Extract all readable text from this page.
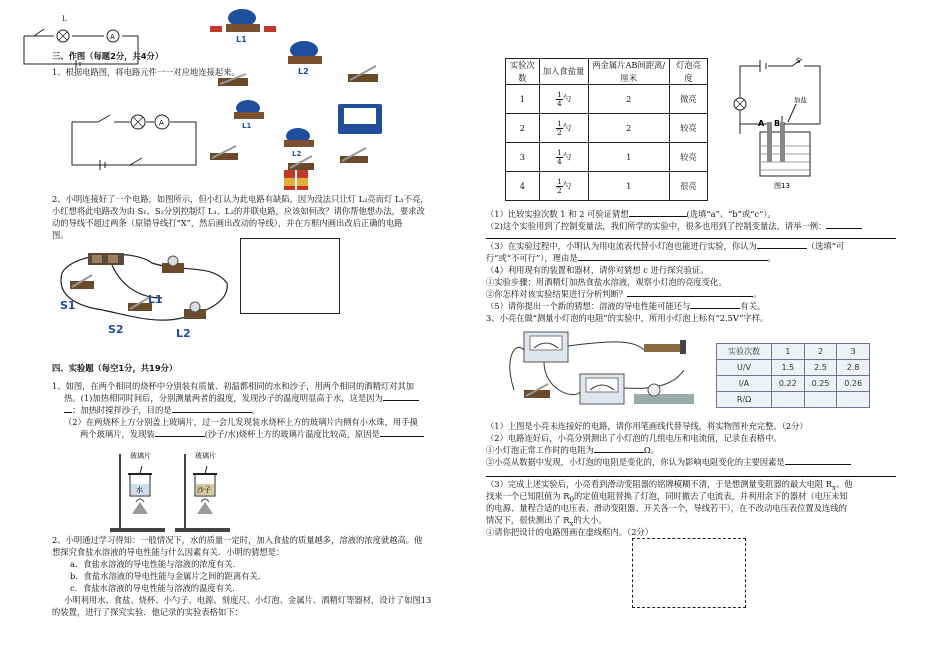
A
L
三、作图（每题2分，共4分）
1、根据电路图，将电路元件一一对应地连接起来。
A
L1
L2
L1
L2
2、小明连接好了一个电路，如图所示，但小红认为此电路有缺陷，因为没法只让灯 L₂亮而灯 L₁不亮，
小红想将此电路改为由 S₁、S₂分别控制灯 L₁、L₂的并联电路，应该如何改？请你帮他想办法，要求改
动的导线不超过两条（原错导线打“X”，然后画出改动的导线），并在方框内画出改后正确的电路
图。
S1	L1
S2	L2
四、实验题（每空1分，共19分）
1、如图，在两个相同的烧杯中分别装有质量、初温都相同的水和沙子，用两个相同的酒精灯对其加
热。(1)加热相同时间后，分别测量两者的温度，发现沙子的温度明显高于水，这是因为
；加热时搅拌沙子，目的是	。
（2）在两烧杯上方分别盖上玻璃片，过一会儿发现装水烧杯上方的玻璃片内侧有小水珠，用手摸
两个玻璃片，发现装	(沙子/水)烧杯上方的玻璃片温度比较高，原因是
玻璃片	玻璃片
水	沙子
2、小明通过学习得知：一般情况下，水的质量一定时，加入食盐的质量越多，溶液的浓度就越高。他
想探究食盐水溶液的导电性能与什么因素有关．小明的猜想是：
a．食盐水溶液的导电性能与溶液的浓度有关．
b．食盐水溶液的导电性能与金属片之间的距离有关．
c．食盐水溶液的导电性能与溶液的温度有关．
小明利用水、食盐、烧杯、小勺子、电源、刻度尺、小灯泡、金属片、酒精灯等器材，设计了如图13
的装置，进行了探究实验．他记录的实验表格如下：
实验次数	加入食盐量	两金属片AB间距离/厘米	灯泡亮度
1	$\frac{1}{4}$ 勺	2	微亮
2	$\frac{1}{2}$ 勺	2	较亮
3	$\frac{1}{4}$ 勺	1	较亮
4	$\frac{1}{2}$ 勺	1	很亮
A B
S
加盐
图13
（1）比较实验次数 1 和 2 可验证猜想	(选填“a”、“b”或“c”）。
（2)这个实验用到了控制变量法，我们所学的实验中，很多也用到了控制变量法，请举一例：
（3）在实验过程中，小明认为用电流表代替小灯泡也能进行实验，你认为	（选填“可
行”或“不可行”），理由是	。
（4）利用现有的装置和器材，请你对猜想 c 进行探究验证。
①实验步骤：用酒精灯加热食盐水溶液，观察小灯泡的亮度变化。
②你怎样对该实验结果进行分析判断？	。
（5）请你提出一个新的猜想：溶液的导电性能可能还与	有关。
3、小亮在做“测量小灯泡的电阻”的实验中，所用小灯泡上标有“2.5V”字样。
实验次数	1	2	3
U/V	1.5	2.5	2.8
I/A	0.22	0.25	0.26
R/Ω			
（1）上图是小亮未连接好的电路，请你用笔画线代替导线，将实物图补充完整。（2分）
（2）电路连好后，小亮分别测出了小灯泡的几组电压和电流值，记录在表格中。
①小灯泡正常工作时的电阻为	Ω。
②小亮从数据中发现，小灯泡的电阻是变化的，你认为影响电阻变化的主要因素是
（3）完成上述实验后，小亮看到滑动变阻器的铭牌模糊不清，于是想测量变阻器的最大电阻 $R_x$。他
找来一个已知阻值为 $R_0$的定值电阻替换了灯泡，同时撤去了电流表，并利用余下的器材（电压未知
的电源、量程合适的电压表、滑动变阻器、开关各一个，导线若干），在不改动电压表位置及连线的
情况下，很快测出了 $R_x$的大小。
①请你把设计的电路图画在虚线框内。（2分）
